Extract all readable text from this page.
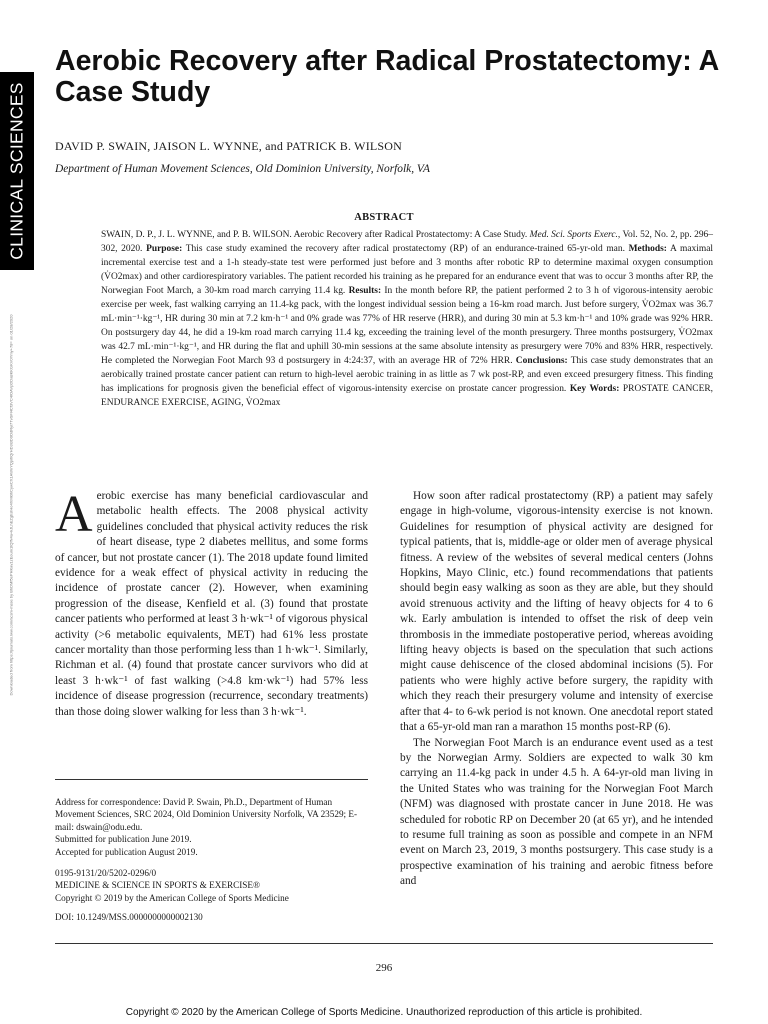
CLINICAL SCIENCES
Downloaded from https://journals.lww.com/acsm-msse by BhDMf5ePHKav1zEoum1tQfN4a+kJLhEZgbsIHo4XMi0hCywCX1AWnYQp/IlQrHD3i3D0OdRyi7TvSFl4Cf3VC4/OAVpDDa8KKGKV0Ymy+78= on 01/28/2020
Aerobic Recovery after Radical Prostatectomy: A Case Study
DAVID P. SWAIN, JAISON L. WYNNE, and PATRICK B. WILSON
Department of Human Movement Sciences, Old Dominion University, Norfolk, VA
ABSTRACT

SWAIN, D. P., J. L. WYNNE, and P. B. WILSON. Aerobic Recovery after Radical Prostatectomy: A Case Study. Med. Sci. Sports Exerc., Vol. 52, No. 2, pp. 296–302, 2020. Purpose: This case study examined the recovery after radical prostatectomy (RP) of an endurance-trained 65-yr-old man. Methods: A maximal incremental exercise test and a 1-h steady-state test were performed just before and 3 months after robotic RP to determine maximal oxygen consumption (V̇O2max) and other cardiorespiratory variables. The patient recorded his training as he prepared for an endurance event that was to occur 3 months after RP, the Norwegian Foot March, a 30-km road march carrying 11.4 kg. Results: In the month before RP, the patient performed 2 to 3 h of vigorous-intensity aerobic exercise per week, fast walking carrying an 11.4-kg pack, with the longest individual session being a 16-km road march. Just before surgery, V̇O2max was 36.7 mL·min⁻¹·kg⁻¹, HR during 30 min at 7.2 km·h⁻¹ and 0% grade was 77% of HR reserve (HRR), and during 30 min at 5.3 km·h⁻¹ and 10% grade was 92% HRR. On postsurgery day 44, he did a 19-km road march carrying 11.4 kg, exceeding the training level of the month presurgery. Three months postsurgery, V̇O2max was 42.7 mL·min⁻¹·kg⁻¹, and HR during the flat and uphill 30-min sessions at the same absolute intensity as presurgery were 70% and 83% HRR, respectively. He completed the Norwegian Foot March 93 d postsurgery in 4:24:37, with an average HR of 72% HRR. Conclusions: This case study demonstrates that an aerobically trained prostate cancer patient can return to high-level aerobic training in as little as 7 wk post-RP, and even exceed presurgery fitness. This finding has implications for prognosis given the beneficial effect of vigorous-intensity exercise on prostate cancer progression. Key Words: PROSTATE CANCER, ENDURANCE EXERCISE, AGING, V̇O2max

Aerobic exercise has many beneficial cardiovascular and metabolic health effects. The 2008 physical activity guidelines concluded that physical activity reduces the risk of heart disease, type 2 diabetes mellitus, and some forms of cancer, but not prostate cancer (1). The 2018 update found limited evidence for a weak effect of physical activity in reducing the incidence of prostate cancer (2). However, when examining progression of the disease, Kenfield et al. (3) found that prostate cancer patients who performed at least 3 h·wk⁻¹ of vigorous physical activity (>6 metabolic equivalents, MET) had 61% less prostate cancer mortality than those performing less than 1 h·wk⁻¹. Similarly, Richman et al. (4) found that prostate cancer survivors who did at least 3 h·wk⁻¹ of fast walking (>4.8 km·wk⁻¹) had 57% less incidence of disease progression (recurrence, secondary treatments) than those doing slower walking for less than 3 h·wk⁻¹.

Address for correspondence: David P. Swain, Ph.D., Department of Human Movement Sciences, SRC 2024, Old Dominion University Norfolk, VA 23529; E-mail: dswain@odu.edu.

Submitted for publication June 2019.

Accepted for publication August 2019.

0195-9131/20/5202-0296/0

MEDICINE & SCIENCE IN SPORTS & EXERCISE®

Copyright © 2019 by the American College of Sports Medicine

DOI: 10.1249/MSS.0000000000002130

How soon after radical prostatectomy (RP) a patient may safely engage in high-volume, vigorous-intensity exercise is not known. Guidelines for resumption of physical activity are designed for typical patients, that is, middle-age or older men of average physical fitness. A review of the websites of several medical centers (Johns Hopkins, Mayo Clinic, etc.) found recommendations that patients should begin easy walking as soon as they are able, but they should avoid strenuous activity and the lifting of heavy objects for 4 to 6 wk. Early ambulation is intended to offset the risk of deep vein thrombosis in the immediate postoperative period, whereas avoiding lifting heavy objects is based on the speculation that such actions might cause dehiscence of the closed abdominal incisions (5). For patients who were highly active before surgery, the rapidity with which they reach their presurgery volume and intensity of exercise after that 4- to 6-wk period is not known. One anecdotal report stated that a 65-yr-old man ran a marathon 15 months post-RP (6).

The Norwegian Foot March is an endurance event used as a test by the Norwegian Army. Soldiers are expected to walk 30 km carrying an 11.4-kg pack in under 4.5 h. A 64-yr-old man living in the United States who was training for the Norwegian Foot March (NFM) was diagnosed with prostate cancer in June 2018. He was scheduled for robotic RP on December 20 (at 65 yr), and he intended to resume full training as soon as possible and compete in an NFM event on March 23, 2019, 3 months postsurgery. This case study is a prospective examination of his training and aerobic fitness before and

296
Copyright © 2020 by the American College of Sports Medicine. Unauthorized reproduction of this article is prohibited.
